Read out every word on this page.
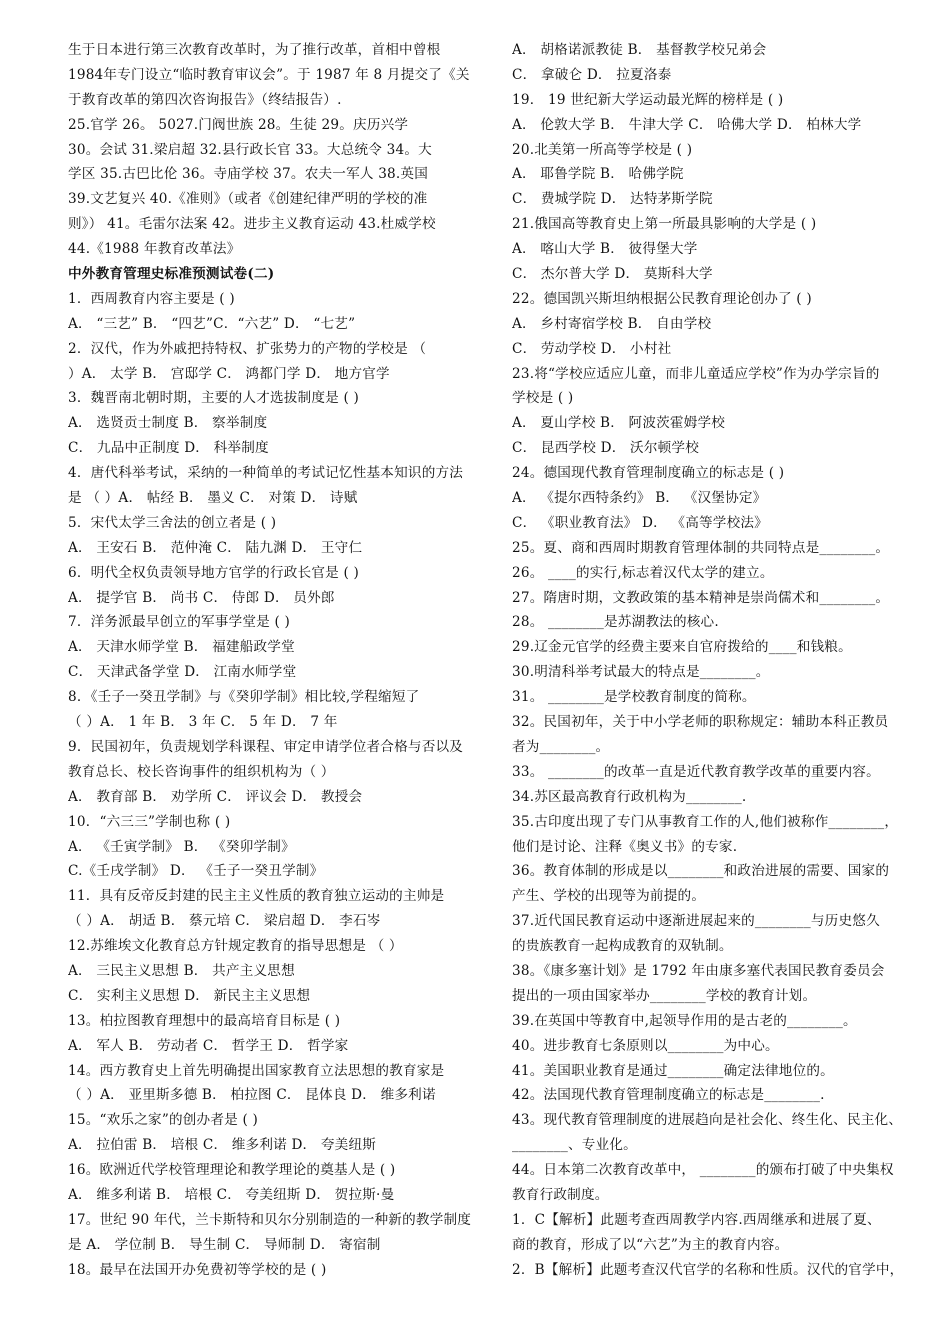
生于日本进行第三次教育改革时，为了推行改革，首相中曾根
1984年专门设立“临时教育审议会”。于 1987 年 8 月提交了《关
于教育改革的第四次咨询报告》（终结报告）.
25.官学 26。 5027.门阀世族 28。生徒 29。庆历兴学
30。会试 31.梁启超 32.县行政长官 33。大总统令 34。大
学区 35.古巴比伦 36。寺庙学校 37。农夫一军人 38.英国
39.文艺复兴 40.《准则》（或者《创建纪律严明的学校的准
则》） 41。毛雷尔法案 42。进步主义教育运动 43.杜威学校
44.《1988 年教育改革法》
中外教育管理史标准预测试卷(二)
1．西周教育内容主要是 ( )
A． “三艺” B． “四艺”C．“六艺” D． “七艺”
2．汉代，作为外戚把持特权、扩张势力的产物的学校是 （
）A． 太学 B． 宫邸学 C． 鸿都门学 D． 地方官学
3．魏晋南北朝时期，主要的人才选拔制度是 ( )
A． 选贤贡士制度 B． 察举制度
C． 九品中正制度 D． 科举制度
4．唐代科举考试，采纳的一种简单的考试记忆性基本知识的方法
是 （ ）A． 帖经 B． 墨义 C． 对策 D． 诗赋
5．宋代太学三舍法的创立者是 ( )
A． 王安石 B． 范仲淹 C． 陆九渊 D． 王守仁
6．明代全权负责领导地方官学的行政长官是 ( )
A． 提学官 B． 尚书 C． 侍郎 D． 员外郎
7．洋务派最早创立的军事学堂是 ( )
A． 天津水师学堂 B． 福建船政学堂
C． 天津武备学堂 D． 江南水师学堂
8．《壬子一癸丑学制》与《癸卯学制》相比较,学程缩短了
（ ）A． 1 年 B． 3 年 C． 5 年 D． 7 年
9．民国初年，负责规划学科课程、审定申请学位者合格与否以及
教育总长、校长咨询事件的组织机构为（ ）
A． 教育部 B． 劝学所 C． 评议会 D． 教授会
10．“六三三”学制也称 ( )
A． 《壬寅学制》 B． 《癸卯学制》
C.《壬戌学制》 D． 《壬子一癸丑学制》
11．具有反帝反封建的民主主义性质的教育独立运动的主帅是
（ ）A． 胡适 B． 蔡元培 C． 梁启超 D． 李石岑
12.苏维埃文化教育总方针规定教育的指导思想是 （ ）
A． 三民主义思想 B． 共产主义思想
C． 实利主义思想 D． 新民主主义思想
13。柏拉图教育理想中的最高培育目标是 ( )
A． 军人 B． 劳动者 C． 哲学王 D． 哲学家
14。西方教育史上首先明确提出国家教育立法思想的教育家是
（ ）A． 亚里斯多德 B． 柏拉图 C． 昆体良 D． 维多利诺
15。“欢乐之家”的创办者是 ( )
A． 拉伯雷 B． 培根 C． 维多利诺 D． 夸美纽斯
16。欧洲近代学校管理理论和教学理论的奠基人是 ( )
A． 维多利诺 B． 培根 C． 夸美纽斯 D． 贺拉斯·曼
17。世纪 90 年代，兰卡斯特和贝尔分别制造的一种新的教学制度
是 A． 学位制 B． 导生制 C． 导师制 D． 寄宿制
18。最早在法国开办免费初等学校的是 ( )
A． 胡格诺派教徒 B． 基督教学校兄弟会
C． 拿破仑 D． 拉夏洛泰
19． 19 世纪新大学运动最光辉的榜样是 ( )
A． 伦敦大学 B． 牛津大学 C． 哈佛大学 D． 柏林大学
20.北美第一所高等学校是 ( )
A． 耶鲁学院 B． 哈佛学院
C． 费城学院 D． 达特茅斯学院
21.俄国高等教育史上第一所最具影响的大学是 ( )
A． 喀山大学 B． 彼得堡大学
C． 杰尔普大学 D． 莫斯科大学
22。德国凯兴斯坦纳根据公民教育理论创办了 ( )
A． 乡村寄宿学校 B． 自由学校
C． 劳动学校 D． 小村社
23.将“学校应适应儿童，而非儿童适应学校”作为办学宗旨的
学校是 ( )
A． 夏山学校 B． 阿波茨霍姆学校
C． 昆西学校 D． 沃尔顿学校
24。德国现代教育管理制度确立的标志是 ( )
A． 《提尔西特条约》 B． 《汉堡协定》
C． 《职业教育法》 D． 《高等学校法》
25。夏、商和西周时期教育管理体制的共同特点是________。
26。 ____的实行,标志着汉代太学的建立。
27。隋唐时期，文教政策的基本精神是崇尚儒术和________。
28。 ________是苏湖教法的核心.
29.辽金元官学的经费主要来自官府拨给的____和钱粮。
30.明清科举考试最大的特点是________。
31。 ________是学校教育制度的简称。
32。民国初年，关于中小学老师的职称规定：辅助本科正教员
者为________。
33。 ________的改革一直是近代教育教学改革的重要内容。
34.苏区最高教育行政机构为________.
35.古印度出现了专门从事教育工作的人,他们被称作________，
他们是讨论、注释《奥义书》的专家.
36。教育体制的形成是以________和政治进展的需要、国家的
产生、学校的出现等为前提的。
37.近代国民教育运动中逐渐进展起来的________与历史悠久
的贵族教育一起构成教育的双轨制。
38。《康多塞计划》是 1792 年由康多塞代表国民教育委员会
提出的一项由国家举办________学校的教育计划。
39.在英国中等教育中,起领导作用的是古老的________。
40。进步教育七条原则以________为中心。
41。美国职业教育是通过________确定法律地位的。
42。法国现代教育管理制度确立的标志是________.
43。现代教育管理制度的进展趋向是社会化、终生化、民主化、
________、专业化。
44。日本第二次教育改革中， ________的颁布打破了中央集权
教育行政制度。
1．C【解析】此题考查西周教学内容.西周继承和进展了夏、
商的教育，形成了以“六艺”为主的教育内容。
2．B【解析】此题考查汉代官学的名称和性质。汉代的官学中，
